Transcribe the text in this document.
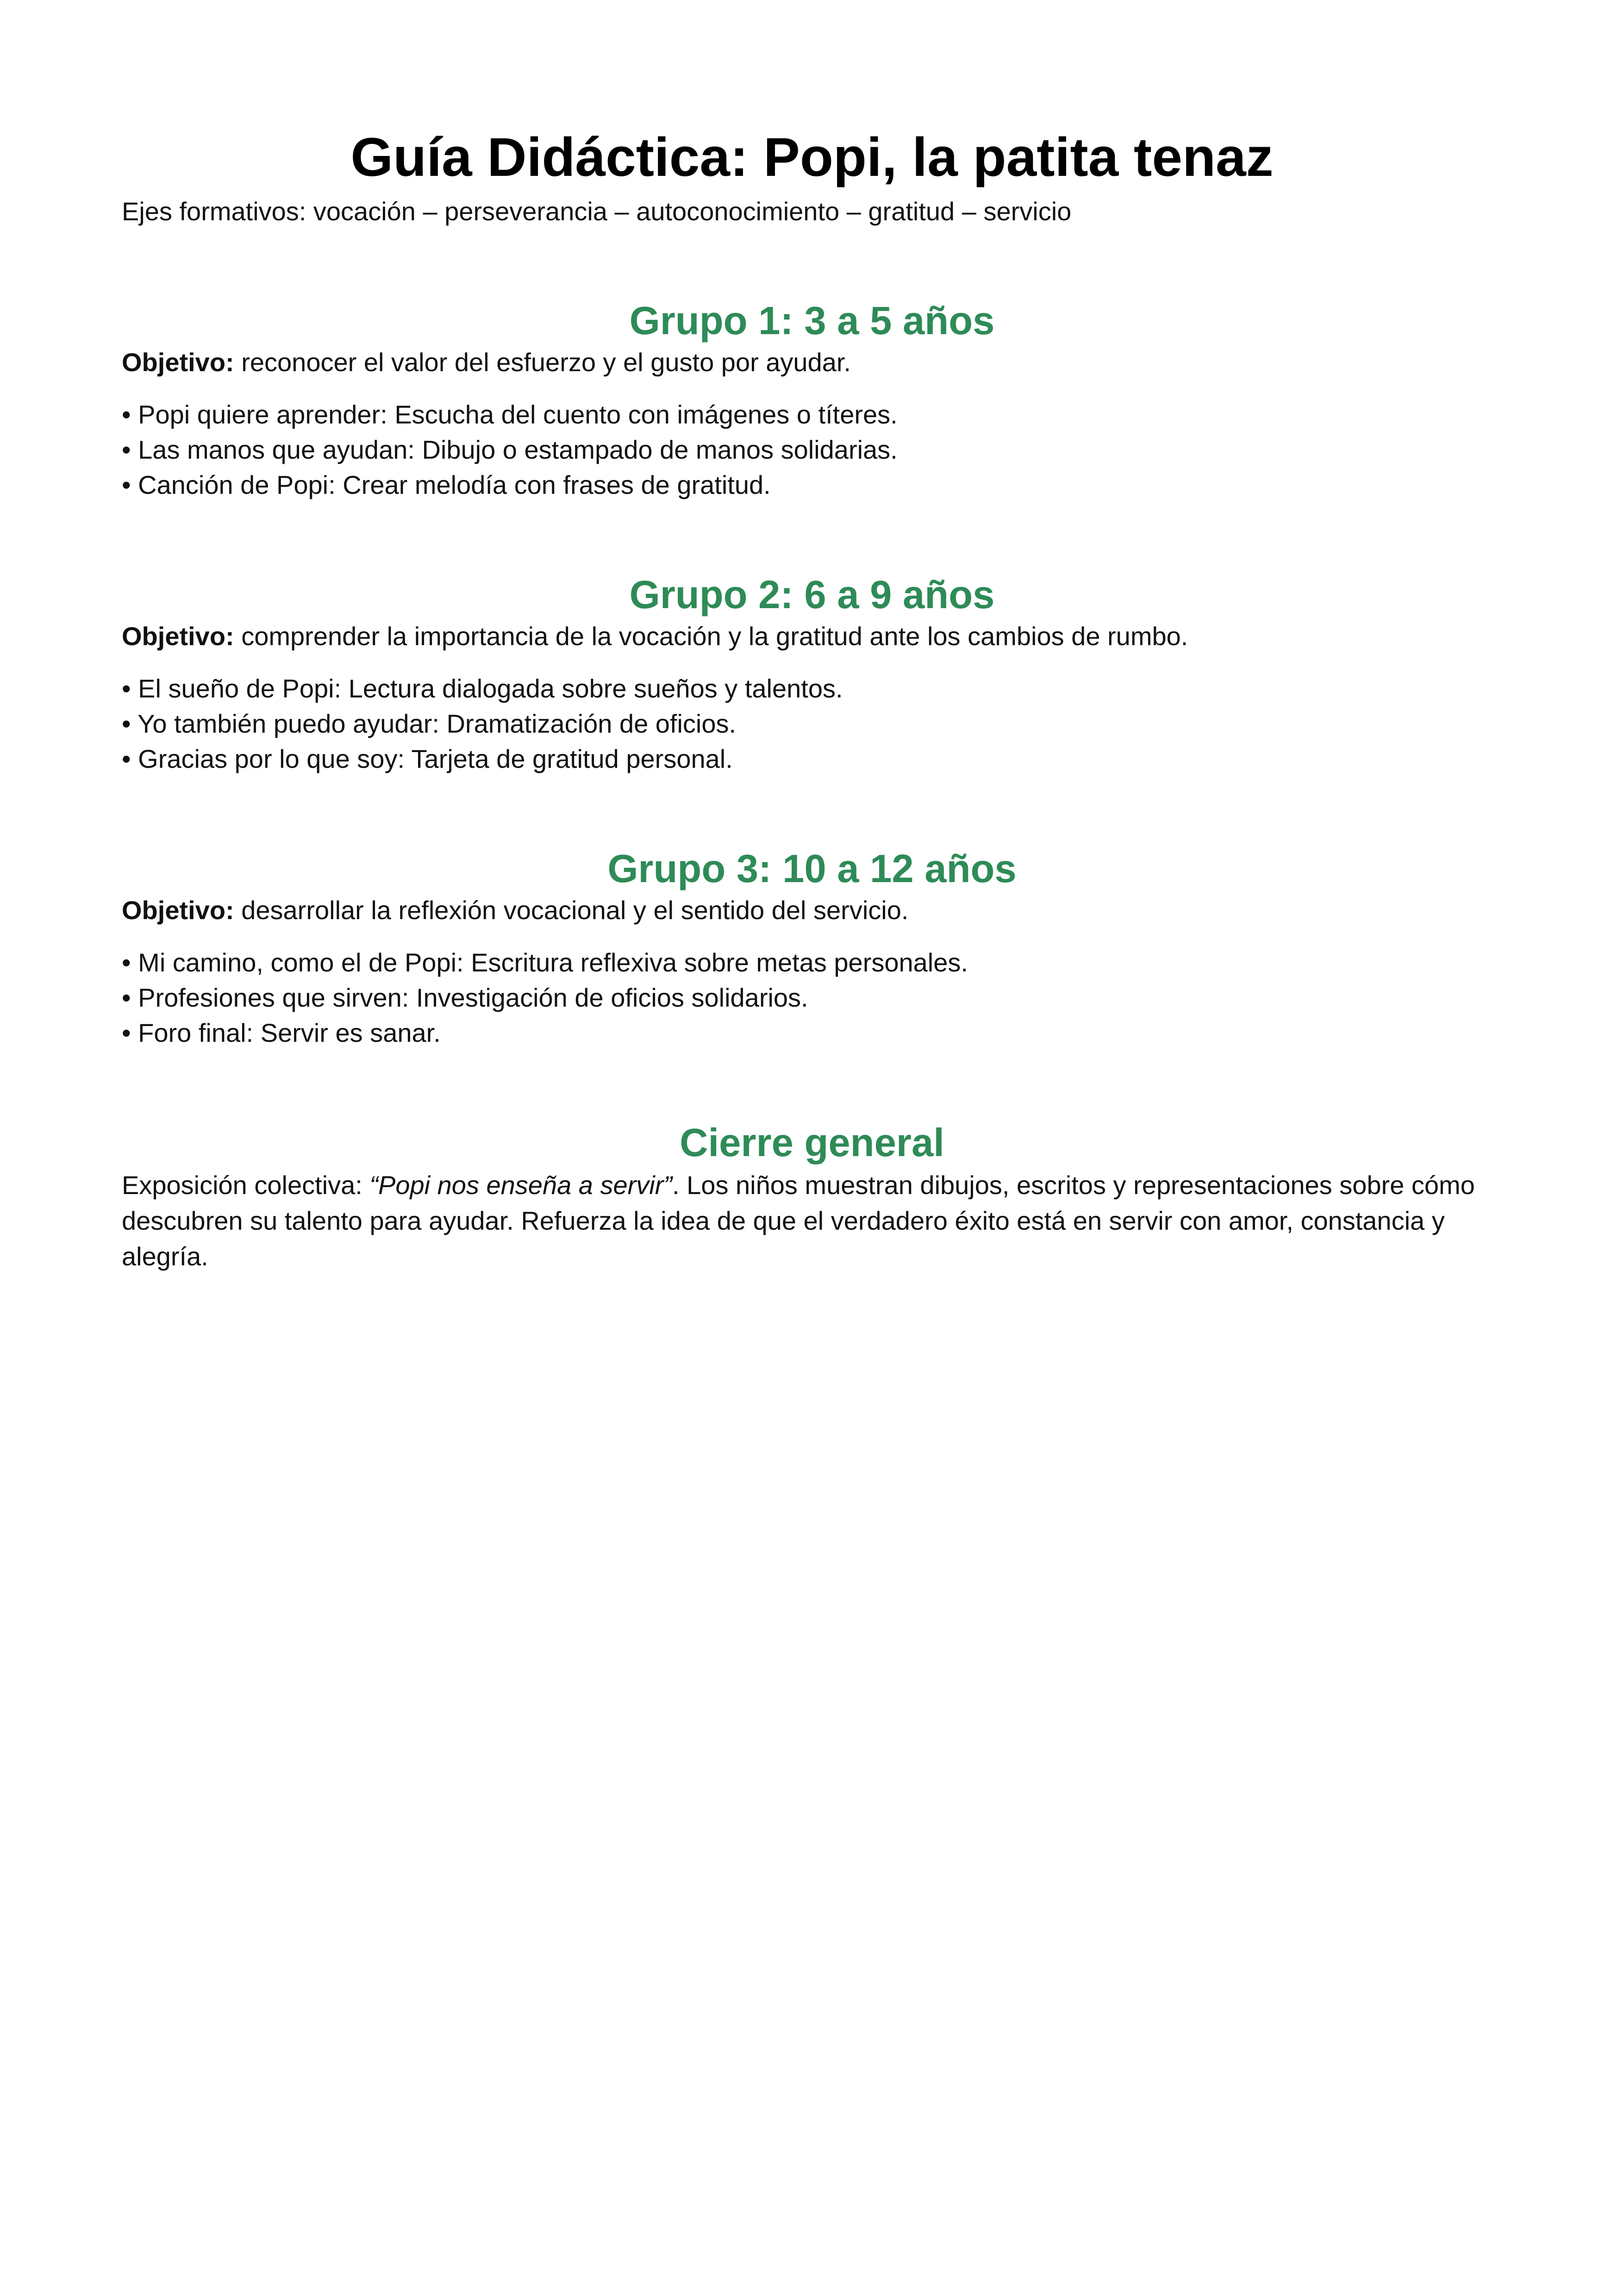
Guía Didáctica: Popi, la patita tenaz

Ejes formativos: vocación – perseverancia – autoconocimiento – gratitud – servicio

Grupo 1: 3 a 5 años

Objetivo: reconocer el valor del esfuerzo y el gusto por ayudar.

• Popi quiere aprender: Escucha del cuento con imágenes o títeres.
• Las manos que ayudan: Dibujo o estampado de manos solidarias.
• Canción de Popi: Crear melodía con frases de gratitud.
Grupo 2: 6 a 9 años

Objetivo: comprender la importancia de la vocación y la gratitud ante los cambios de rumbo.

• El sueño de Popi: Lectura dialogada sobre sueños y talentos.
• Yo también puedo ayudar: Dramatización de oficios.
• Gracias por lo que soy: Tarjeta de gratitud personal.
Grupo 3: 10 a 12 años

Objetivo: desarrollar la reflexión vocacional y el sentido del servicio.

• Mi camino, como el de Popi: Escritura reflexiva sobre metas personales.
• Profesiones que sirven: Investigación de oficios solidarios.
• Foro final: Servir es sanar.
Cierre general

Exposición colectiva: “Popi nos enseña a servir”. Los niños muestran dibujos, escritos y representaciones sobre cómo descubren su talento para ayudar. Refuerza la idea de que el verdadero éxito está en servir con amor, constancia y alegría.
